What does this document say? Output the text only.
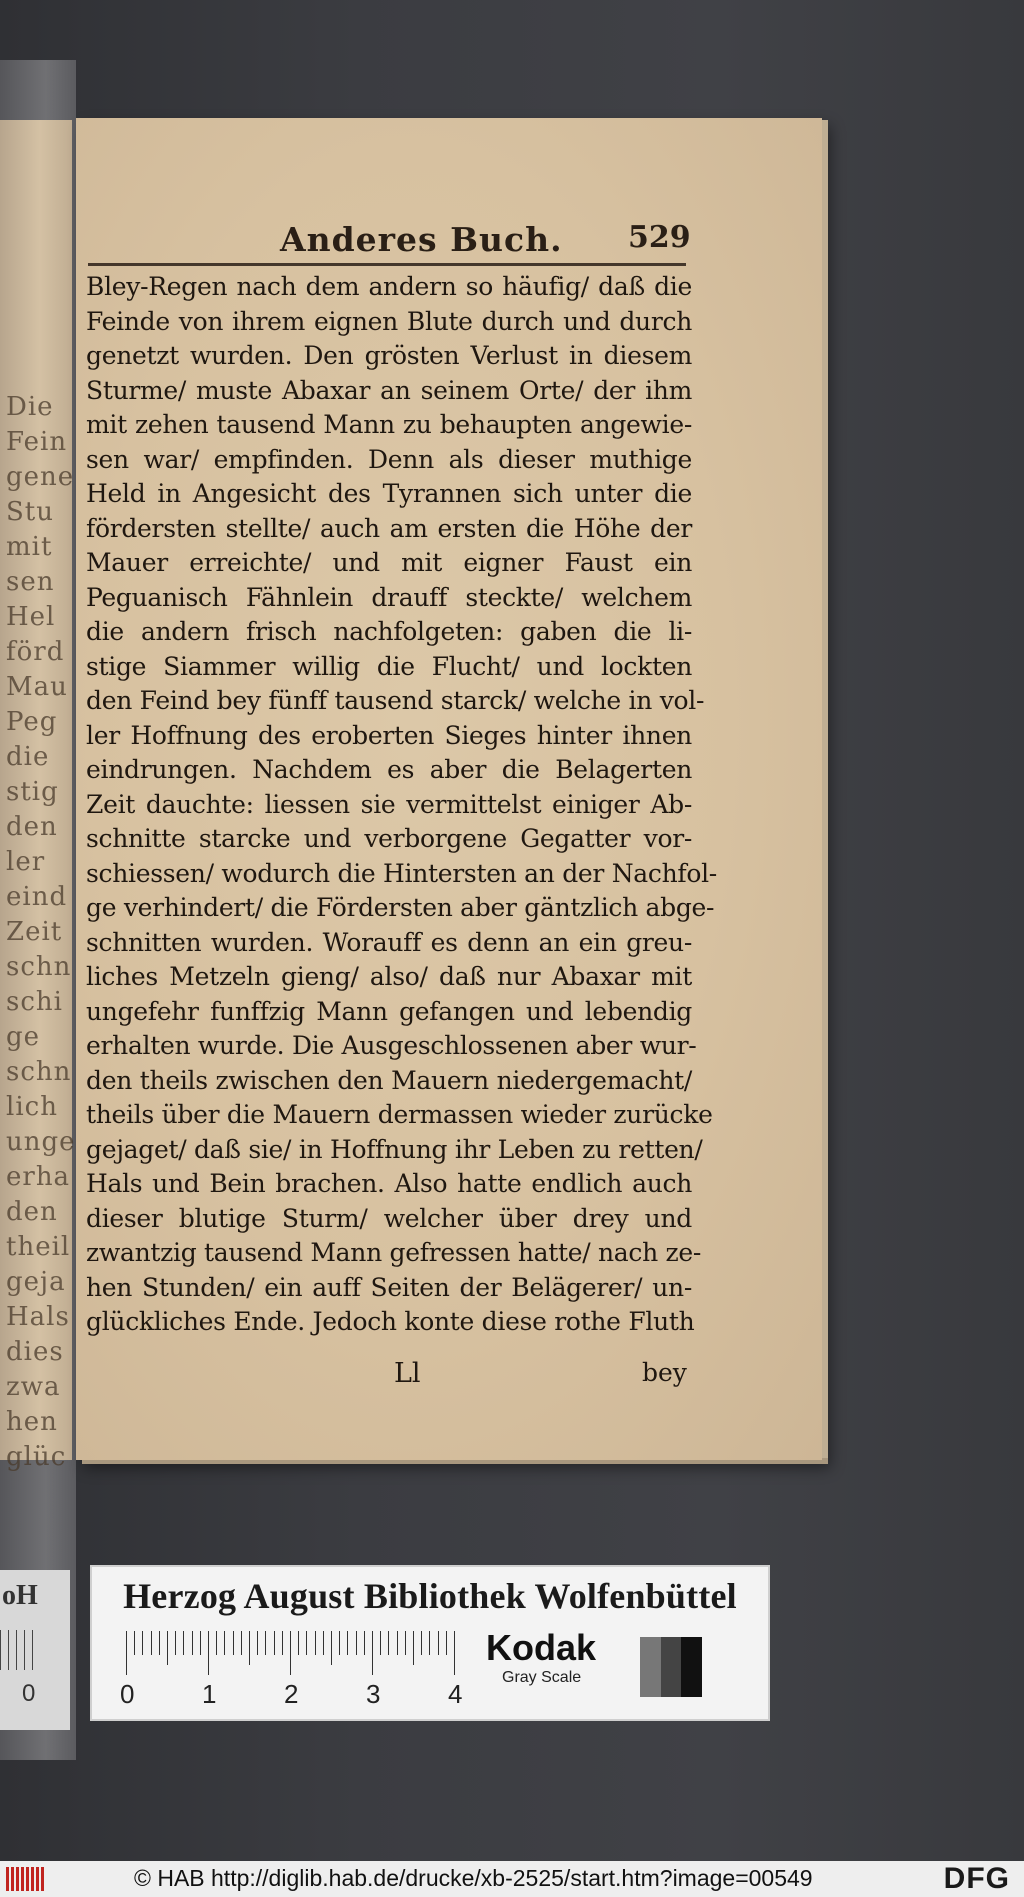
Die
Fein
gene
Stu
mit
sen
Hel
förd
Mau
Peg
die
stig
den
ler
eind
Zeit
schn
schi
ge
schn
lich
unge
erha
den
theil
geja
Hals
dies
zwa
hen
glüc
oH
0
Anderes Buch. 529
Bley-Regen nach dem andern so häufig/ daß die
Feinde von ihrem eignen Blute durch und durch
genetzt wurden. Den grösten Verlust in diesem
Sturme/ muste Abaxar an seinem Orte/ der ihm
mit zehen tausend Mann zu behaupten angewie-
sen war/ empfinden. Denn als dieser muthige
Held in Angesicht des Tyrannen sich unter die
fördersten stellte/ auch am ersten die Höhe der
Mauer erreichte/ und mit eigner Faust ein
Peguanisch Fähnlein drauff steckte/ welchem
die andern frisch nachfolgeten: gaben die li-
stige Siammer willig die Flucht/ und lockten
den Feind bey fünff tausend starck/ welche in vol-
ler Hoffnung des eroberten Sieges hinter ihnen
eindrungen. Nachdem es aber die Belagerten
Zeit dauchte: liessen sie vermittelst einiger Ab-
schnitte starcke und verborgene Gegatter vor-
schiessen/ wodurch die Hintersten an der Nachfol-
ge verhindert/ die Fördersten aber gäntzlich abge-
schnitten wurden. Worauff es denn an ein greu-
liches Metzeln gieng/ also/ daß nur Abaxar mit
ungefehr funffzig Mann gefangen und lebendig
erhalten wurde. Die Ausgeschlossenen aber wur-
den theils zwischen den Mauern niedergemacht/
theils über die Mauern dermassen wieder zurücke
gejaget/ daß sie/ in Hoffnung ihr Leben zu retten/
Hals und Bein brachen. Also hatte endlich auch
dieser blutige Sturm/ welcher über drey und
zwantzig tausend Mann gefressen hatte/ nach ze-
hen Stunden/ ein auff Seiten der Belägerer/ un-
glückliches Ende. Jedoch konte diese rothe Fluth
Ll	bey
Herzog August Bibliothek Wolfenbüttel
0	1	2	3	4
Kodak
Gray Scale
© HAB http://diglib.hab.de/drucke/xb-2525/start.htm?image=00549	DFG
